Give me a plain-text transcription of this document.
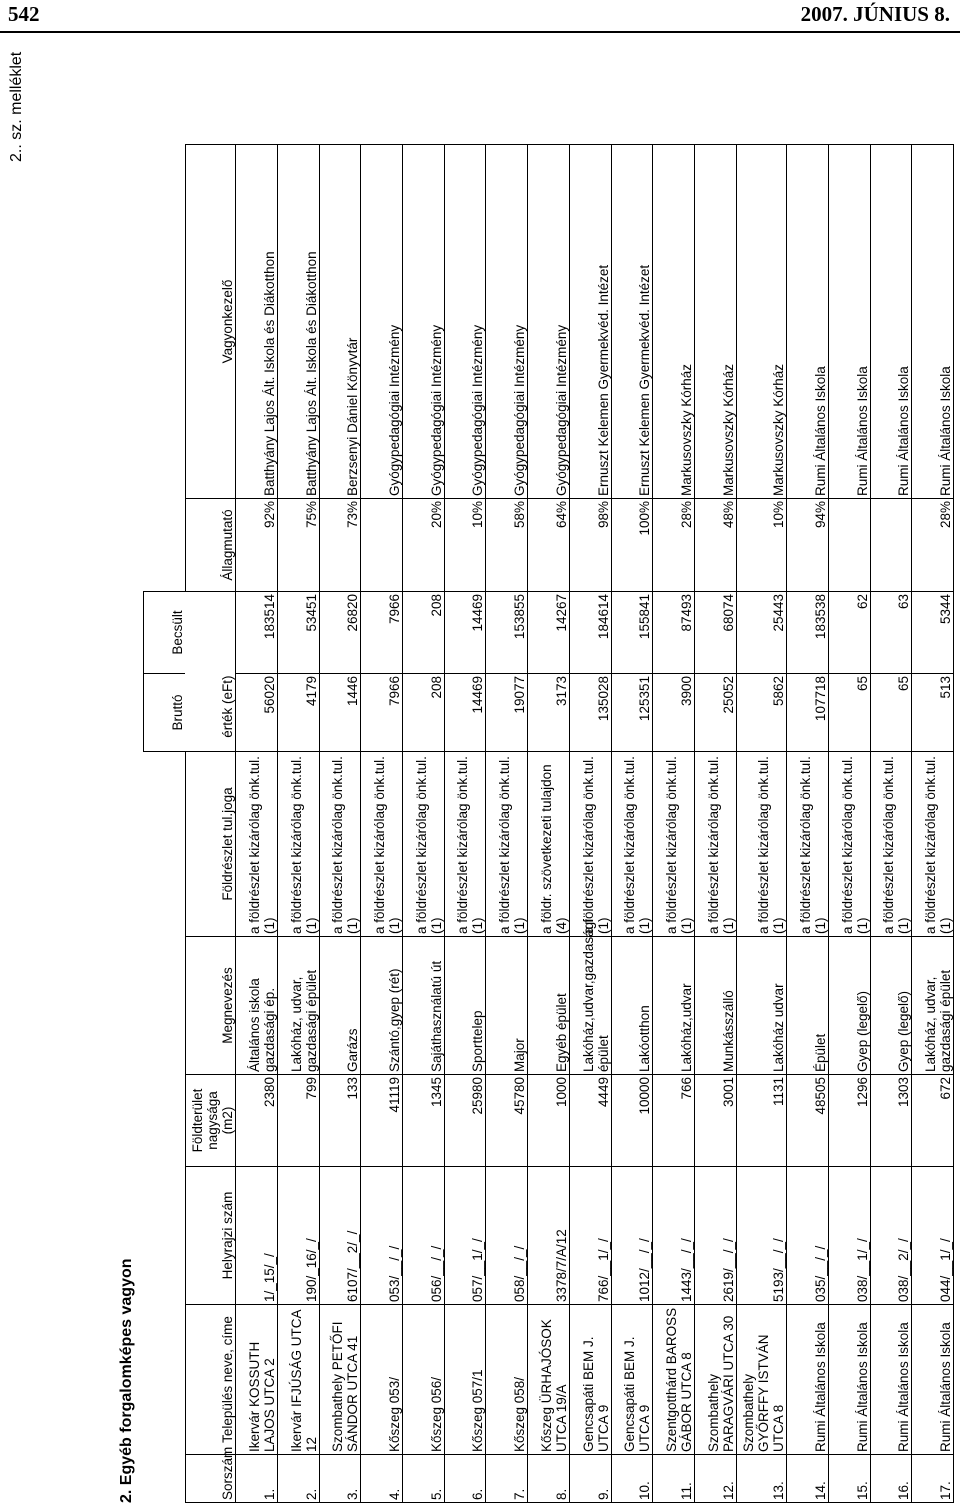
542	2007. JÚNIUS 8.
2.. sz. melléklet
2. Egyéb forgalomképes vagyon
						Bruttó	Becsült		
Sorszám	Település neve, címe	Helyrajzi szám	Földterület nagysága (m2)	Megnevezés	Földrészlet tul.joga	érték (eFt)		Állagmutató	Vagyonkezelő
1.	Ikervár KOSSUTH LAJOS UTCA 2	1/_15/_/	2380	Általános iskola gazdasági ép.	a földrészlet kizárólag önk.tul. (1)	56020	183514	92%	Batthyány Lajos Ált. Iskola és Diákotthon
2.	Ikervár IFJÚSÁG UTCA 12	190/_16/_/	799	Lakóház, udvar, gazdasági épület	a földrészlet kizárólag önk.tul. (1)	4179	53451	75%	Batthyány Lajos Ált. Iskola és Diákotthon
3.	Szombathely PETŐFI SÁNDOR UTCA 41	6107/__2/_/	133	Garázs	a földrészlet kizárólag önk.tul. (1)	1446	26820	73%	Berzsenyi Dániel Könyvtár
4.	Kőszeg 053/	053/__/_/	41119	Szántó,gyep (rét)	a földrészlet kizárólag önk.tul. (1)	7966	7966		Gyógypedagógiai Intézmény
5.	Kőszeg 056/	056/__/_/	1345	Sajáthasználatú út	a földrészlet kizárólag önk.tul. (1)	208	208	20%	Gyógypedagógiai Intézmény
6.	Kőszeg 057/1	057/__1/_/	25980	Sporttelep	a földrészlet kizárólag önk.tul. (1)	14469	14469	10%	Gyógypedagógiai Intézmény
7.	Kőszeg 058/	058/__/_/	45780	Major	a földrészlet kizárólag önk.tul. (1)	19077	153855	58%	Gyógypedagógiai Intézmény
8.	Kőszeg ÜRHAJÓSOK UTCA 19/A	3378/7/A/12	1000	Egyéb épület	a földr. szövetkezeti tulajdon (4)	3173	14267	64%	Gyógypedagógiai Intézmény
9.	Gencsapáti BEM J. UTCA 9	766/__1/_/	4449	Lakóház,udvar,gazdasági épület	a földrészlet kizárólag önk.tul. (1)	135028	184614	98%	Ernuszt Kelemen Gyermekvéd. Intézet
10.	Gencsapáti BEM J. UTCA 9	1012/__/_/	10000	Lakóotthon	a földrészlet kizárólag önk.tul. (1)	125351	155841	100%	Ernuszt Kelemen Gyermekvéd. Intézet
11.	Szentgotthárd BAROSS GÁBOR UTCA 8	1443/__/_/	766	Lakóház,udvar	a földrészlet kizárólag önk.tul. (1)	3900	87493	28%	Markusovszky Kórház
12.	Szombathely PARAGVÁRI UTCA 30	2619/__/_/	3001	Munkásszálló	a földrészlet kizárólag önk.tul. (1)	25052	68074	48%	Markusovszky Kórház
13.	Szombathely GYŐRFFY ISTVÁN UTCA 8	5193/__/_/	1131	Lakóház udvar	a földrészlet kizárólag önk.tul. (1)	5862	25443	10%	Markusovszky Kórház
14.	Rumi Általános Iskola	035/__/_/	48505	Épület	a földrészlet kizárólag önk.tul. (1)	107718	183538	94%	Rumi Általános Iskola
15.	Rumi Általános Iskola	038/__1/_/	1296	Gyep (legelő)	a földrészlet kizárólag önk.tul. (1)	65	62		Rumi Általános Iskola
16.	Rumi Általános Iskola	038/__2/_/	1303	Gyep (legelő)	a földrészlet kizárólag önk.tul. (1)	65	63		Rumi Általános Iskola
17.	Rumi Általános Iskola	044/__1/_/	672	Lakóház, udvar, gazdasági épület	a földrészlet kizárólag önk.tul. (1)	513	5344	28%	Rumi Általános Iskola
